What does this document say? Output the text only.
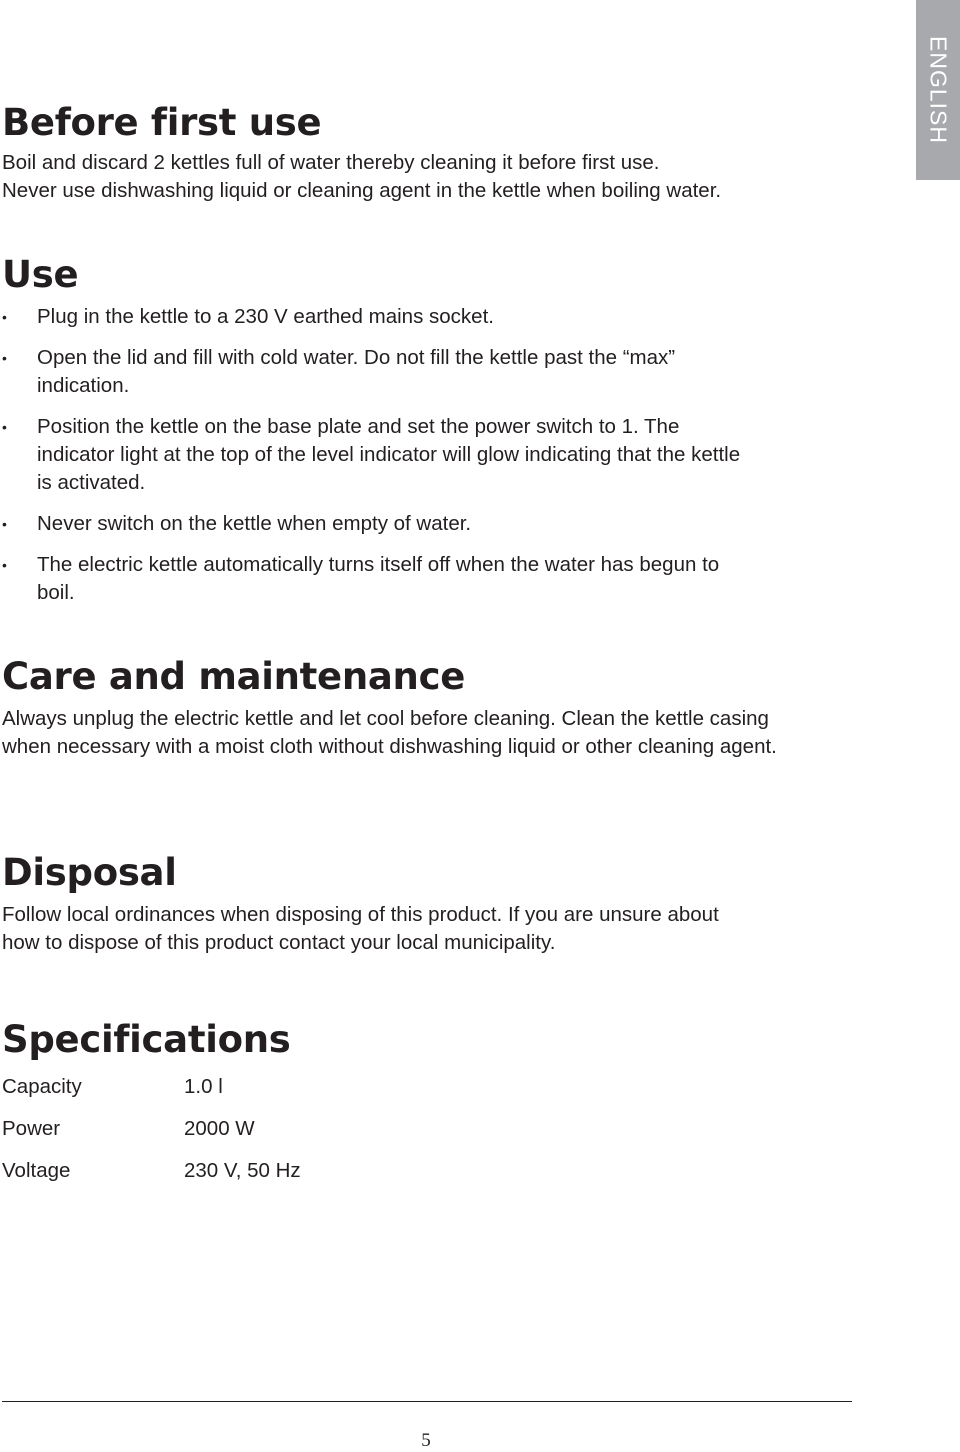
ENGLISH
Before first use

Boil and discard 2 kettles full of water thereby cleaning it before first use.

Never use dishwashing liquid or cleaning agent in the kettle when boiling water.

Use
•	Plug in the kettle to a 230 V earthed mains socket.
•	Open the lid and fill with cold water. Do not fill the kettle past the “max” indication.
•	Position the kettle on the base plate and set the power switch to 1. The indicator light at the top of the level indicator will glow indicating that the kettle is activated.
•	Never switch on the kettle when empty of water.
•	The electric kettle automatically turns itself off when the water has begun to boil.
Care and maintenance

Always unplug the electric kettle and let cool before cleaning. Clean the kettle casing when necessary with a moist cloth without dishwashing liquid or other cleaning agent.

Disposal

Follow local ordinances when disposing of this product. If you are unsure about how to dispose of this product contact your local municipality.

Specifications
Capacity	1.0 l
Power	2000 W
Voltage	230 V, 50 Hz
5
